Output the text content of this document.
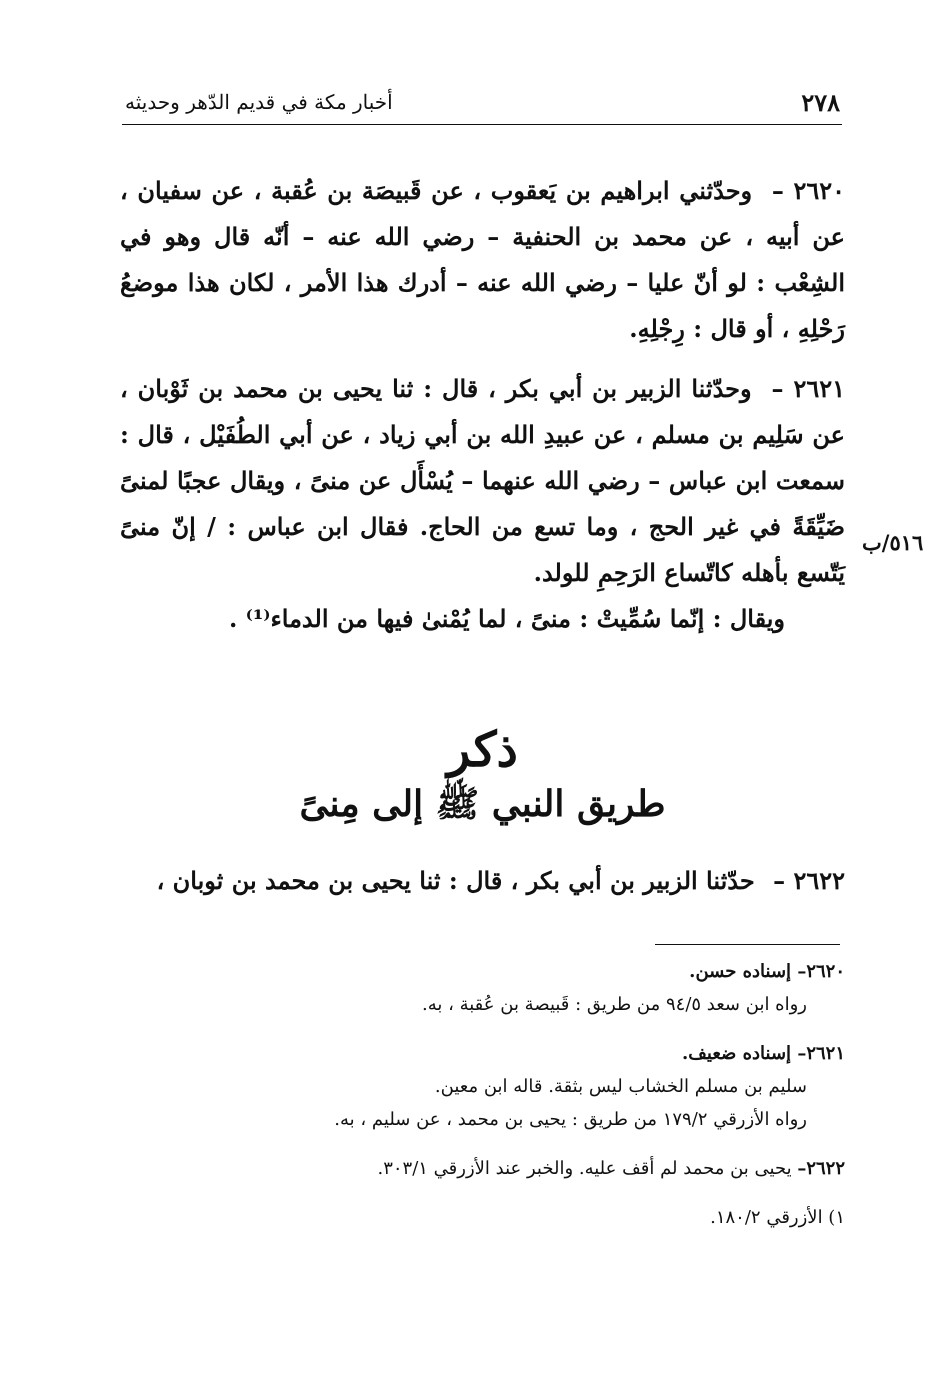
٢٧٨
أخبار مكة في قديم الدّهر وحديثه

٢٦٢٠ – وحدّثني ابراهيم بن يَعقوب ، عن قَبيصَة بن عُقبة ، عن سفيان ، عن أبيه ، عن محمد بن الحنفية – رضي الله عنه – أنّه قال وهو في الشِعْب : لو أنّ عليا – رضي الله عنه – أدرك هذا الأمر ، لكان هذا موضعُ رَحْلِهِ ، أو قال : رِجْلِهِ.

٢٦٢١ – وحدّثنا الزبير بن أبي بكر ، قال : ثنا يحيى بن محمد بن ثَوْبان ، عن سَلِيم بن مسلم ، عن عبيدِ الله بن أبي زياد ، عن أبي الطُفَيْل ، قال : سمعت ابن عباس – رضي الله عنهما – يُسْأَل عن منىً ، ويقال عجبًا لمنىً ضَيِّقَةً في غير الحج ، وما تسع من الحاج. فقال ابن عباس : / إنّ منىً يَتّسع بأهله كاتّساع الرَحِمِ للولد.

ويقال : إنّما سُمِّيتْ : منىً ، لما يُمْنىٰ فيها من الدماء⁽¹⁾ .

٥١٦/ب
ذكر
طريق النبي ﷺ إلى مِنىً

٢٦٢٢ – حدّثنا الزبير بن أبي بكر ، قال : ثنا يحيى بن محمد بن ثوبان ،

٢٦٢٠– إسناده حسن.
رواه ابن سعد ٩٤/٥ من طريق : قَبيصة بن عُقبة ، به.
٢٦٢١– إسناده ضعيف.
سليم بن مسلم الخشاب ليس بثقة. قاله ابن معين.
رواه الأزرقي ١٧٩/٢ من طريق : يحيى بن محمد ، عن سليم ، به.
٢٦٢٢– يحيى بن محمد لم أقف عليه. والخبر عند الأزرقي ٣٠٣/١.
١) الأزرقي ١٨٠/٢.
